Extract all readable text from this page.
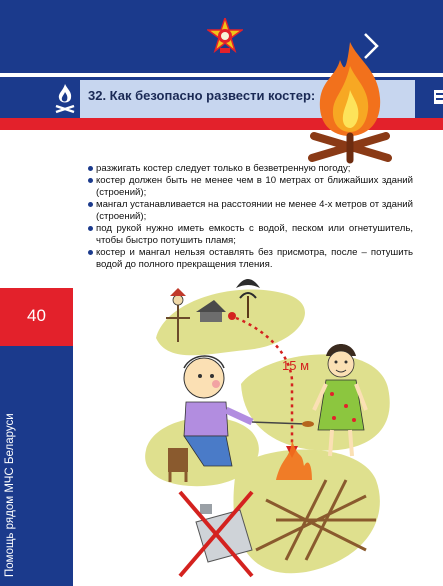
32. Как безопасно развести костер:
разжигать костер следует только в безветренную погоду;
костер должен быть не менее чем в 10 метрах от ближайших зданий (строений);
мангал устанавливается на расстоянии не менее 4-х метров от зданий (строений);
под рукой нужно иметь емкость с водой, песком или огнетушитель, чтобы быстро потушить пламя;
костер и мангал нельзя оставлять без присмотра, после – потушить водой до полного прекращения тления.
40
Помощь рядом МЧС Беларуси
15 м
